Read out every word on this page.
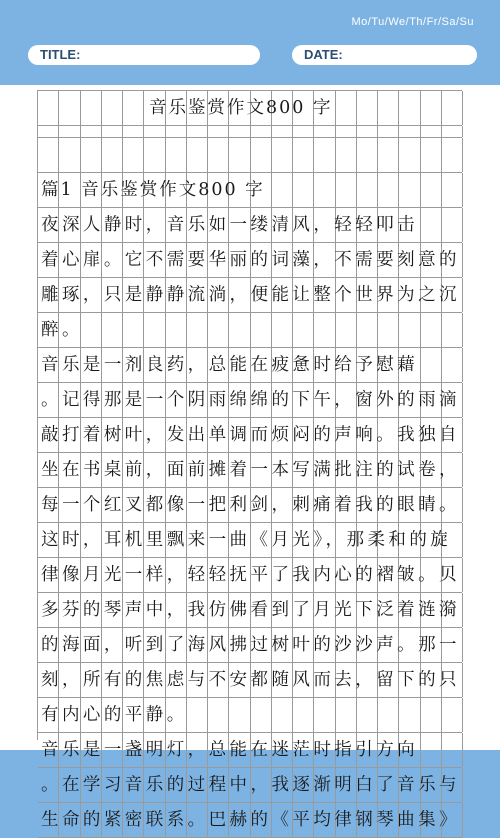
Mo/Tu/We/Th/Fr/Sa/Su
TITLE:	DATE:
音乐鉴赏作文800 字
篇1 音乐鉴赏作文800 字
夜深人静时，音乐如一缕清风，轻轻叩击
着心扉。它不需要华丽的词藻，不需要刻意的
雕琢，只是静静流淌，便能让整个世界为之沉
醉。
音乐是一剂良药，总能在疲惫时给予慰藉
。记得那是一个阴雨绵绵的下午，窗外的雨滴
敲打着树叶，发出单调而烦闷的声响。我独自
坐在书桌前，面前摊着一本写满批注的试卷，
每一个红叉都像一把利剑，刺痛着我的眼睛。
这时，耳机里飘来一曲《月光》，那柔和的旋
律像月光一样，轻轻抚平了我内心的褶皱。贝
多芬的琴声中，我仿佛看到了月光下泛着涟漪
的海面，听到了海风拂过树叶的沙沙声。那一
刻，所有的焦虑与不安都随风而去，留下的只
有内心的平静。
音乐是一盏明灯，总能在迷茫时指引方向
。在学习音乐的过程中，我逐渐明白了音乐与
生命的紧密联系。巴赫的《平均律钢琴曲集》
